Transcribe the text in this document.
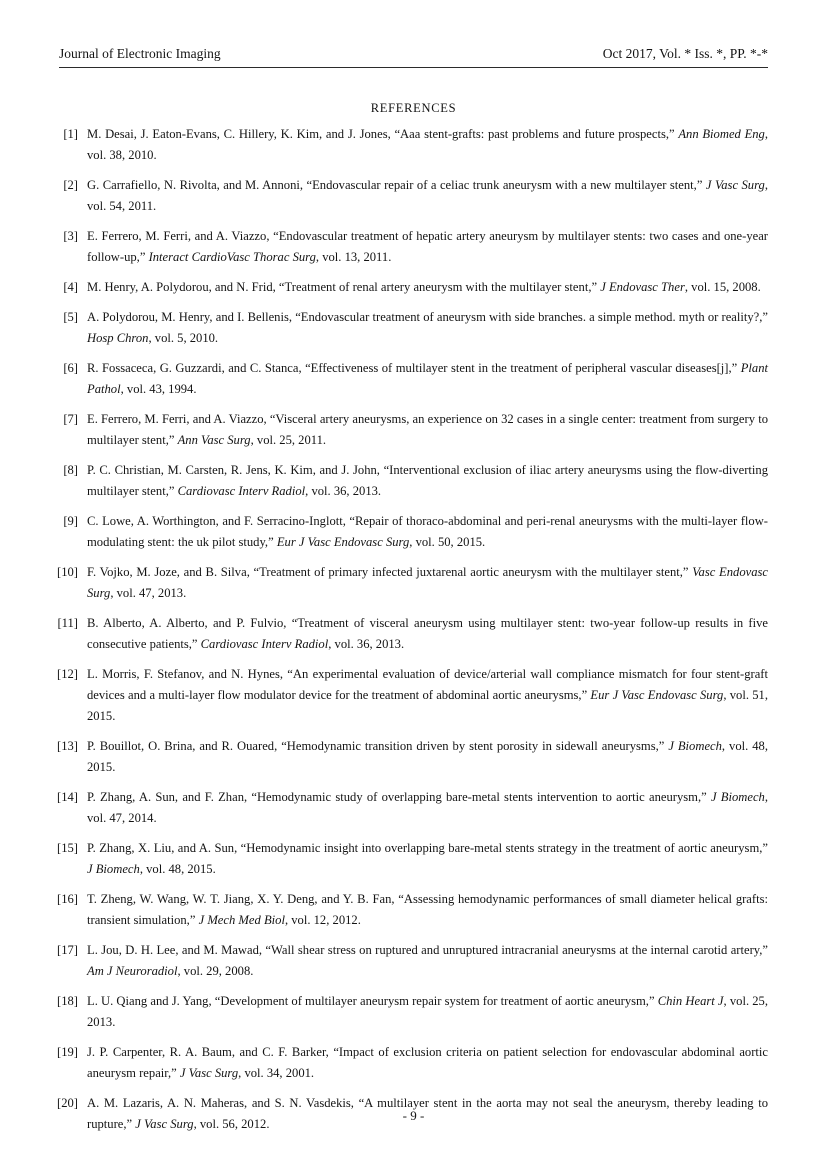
Journal of Electronic Imaging	Oct 2017, Vol. * Iss. *, PP. *-*
REFERENCES
[1] M. Desai, J. Eaton-Evans, C. Hillery, K. Kim, and J. Jones, “Aaa stent-grafts: past problems and future prospects,” Ann Biomed Eng, vol. 38, 2010.
[2] G. Carrafiello, N. Rivolta, and M. Annoni, “Endovascular repair of a celiac trunk aneurysm with a new multilayer stent,” J Vasc Surg, vol. 54, 2011.
[3] E. Ferrero, M. Ferri, and A. Viazzo, “Endovascular treatment of hepatic artery aneurysm by multilayer stents: two cases and one-year follow-up,” Interact CardioVasc Thorac Surg, vol. 13, 2011.
[4] M. Henry, A. Polydorou, and N. Frid, “Treatment of renal artery aneurysm with the multilayer stent,” J Endovasc Ther, vol. 15, 2008.
[5] A. Polydorou, M. Henry, and I. Bellenis, “Endovascular treatment of aneurysm with side branches. a simple method. myth or reality?,” Hosp Chron, vol. 5, 2010.
[6] R. Fossaceca, G. Guzzardi, and C. Stanca, “Effectiveness of multilayer stent in the treatment of peripheral vascular diseases[j],” Plant Pathol, vol. 43, 1994.
[7] E. Ferrero, M. Ferri, and A. Viazzo, “Visceral artery aneurysms, an experience on 32 cases in a single center: treatment from surgery to multilayer stent,” Ann Vasc Surg, vol. 25, 2011.
[8] P. C. Christian, M. Carsten, R. Jens, K. Kim, and J. John, “Interventional exclusion of iliac artery aneurysms using the flow-diverting multilayer stent,” Cardiovasc Interv Radiol, vol. 36, 2013.
[9] C. Lowe, A. Worthington, and F. Serracino-Inglott, “Repair of thoraco-abdominal and peri-renal aneurysms with the multi-layer flow-modulating stent: the uk pilot study,” Eur J Vasc Endovasc Surg, vol. 50, 2015.
[10] F. Vojko, M. Joze, and B. Silva, “Treatment of primary infected juxtarenal aortic aneurysm with the multilayer stent,” Vasc Endovasc Surg, vol. 47, 2013.
[11] B. Alberto, A. Alberto, and P. Fulvio, “Treatment of visceral aneurysm using multilayer stent: two-year follow-up results in five consecutive patients,” Cardiovasc Interv Radiol, vol. 36, 2013.
[12] L. Morris, F. Stefanov, and N. Hynes, “An experimental evaluation of device/arterial wall compliance mismatch for four stent-graft devices and a multi-layer flow modulator device for the treatment of abdominal aortic aneurysms,” Eur J Vasc Endovasc Surg, vol. 51, 2015.
[13] P. Bouillot, O. Brina, and R. Ouared, “Hemodynamic transition driven by stent porosity in sidewall aneurysms,” J Biomech, vol. 48, 2015.
[14] P. Zhang, A. Sun, and F. Zhan, “Hemodynamic study of overlapping bare-metal stents intervention to aortic aneurysm,” J Biomech, vol. 47, 2014.
[15] P. Zhang, X. Liu, and A. Sun, “Hemodynamic insight into overlapping bare-metal stents strategy in the treatment of aortic aneurysm,” J Biomech, vol. 48, 2015.
[16] T. Zheng, W. Wang, W. T. Jiang, X. Y. Deng, and Y. B. Fan, “Assessing hemodynamic performances of small diameter helical grafts: transient simulation,” J Mech Med Biol, vol. 12, 2012.
[17] L. Jou, D. H. Lee, and M. Mawad, “Wall shear stress on ruptured and unruptured intracranial aneurysms at the internal carotid artery,” Am J Neuroradiol, vol. 29, 2008.
[18] L. U. Qiang and J. Yang, “Development of multilayer aneurysm repair system for treatment of aortic aneurysm,” Chin Heart J, vol. 25, 2013.
[19] J. P. Carpenter, R. A. Baum, and C. F. Barker, “Impact of exclusion criteria on patient selection for endovascular abdominal aortic aneurysm repair,” J Vasc Surg, vol. 34, 2001.
[20] A. M. Lazaris, A. N. Maheras, and S. N. Vasdekis, “A multilayer stent in the aorta may not seal the aneurysm, thereby leading to rupture,” J Vasc Surg, vol. 56, 2012.
- 9 -
